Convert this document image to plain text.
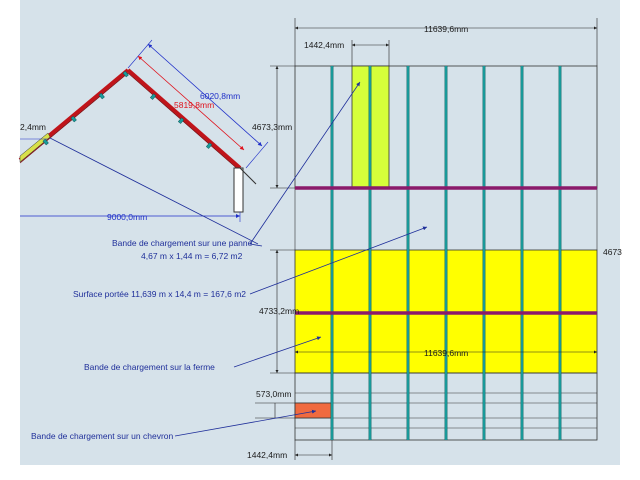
6020,8mm
5819,8mm
9000,0mm
2,4mm
11639,6mm
1442,4mm
4673,3mm
4673
4733,2mm
11639,6mm
573,0mm
1442,4mm
Bande de chargement sur une panne
4,67 m x 1,44 m = 6,72 m2
Surface portée 11,639 m x 14,4 m = 167,6 m2
Bande de chargement sur la ferme
Bande de chargement sur un chevron
